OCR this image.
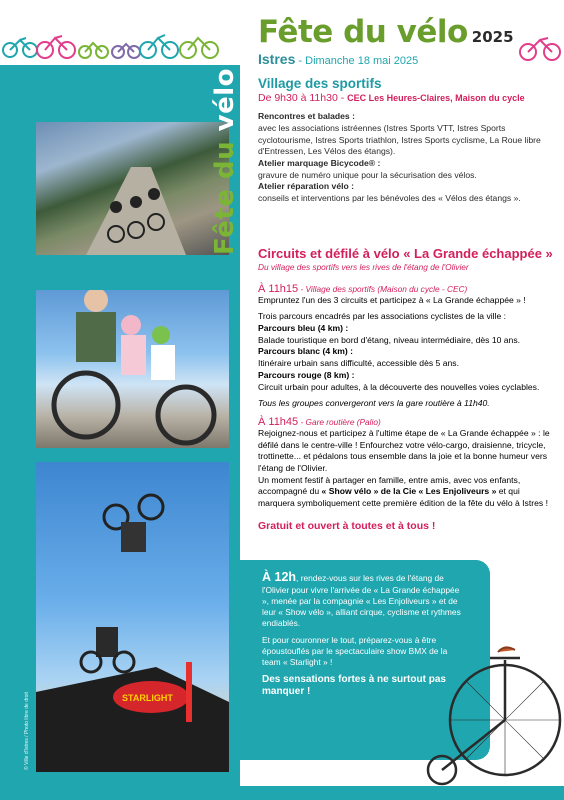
STARLIGHT
© Ville d'Istres / Photo libre de droit
Fête du vélo
Fête du vélo 2025
Istres - Dimanche 18 mai 2025
Village des sportifs
De 9h30 à 11h30 - CEC Les Heures-Claires, Maison du cycle

Rencontres et balades :

avec les associations istréennes (Istres Sports VTT, Istres Sports cyclotourisme, Istres Sports triathlon, Istres Sports cyclisme, La Roue libre d'Entressen, Les Vélos des étangs).

Atelier marquage Bicycode® :

gravure de numéro unique pour la sécurisation des vélos.

Atelier réparation vélo :

conseils et interventions par les bénévoles des « Vélos des étangs ».

Circuits et défilé à vélo « La Grande échappée »
Du village des sportifs vers les rives de l'étang de l'Olivier
À 11h15 - Village des sportifs (Maison du cycle - CEC)

Empruntez l'un des 3 circuits et participez à « La Grande échappée » !

Trois parcours encadrés par les associations cyclistes de la ville :

Parcours bleu (4 km) :

Balade touristique en bord d'étang, niveau intermédiaire, dès 10 ans.

Parcours blanc (4 km) :

Itinéraire urbain sans difficulté, accessible dès 5 ans.

Parcours rouge (8 km) :

Circuit urbain pour adultes, à la découverte des nouvelles voies cyclables.

Tous les groupes convergeront vers la gare routière à 11h40.

À 11h45 - Gare routière (Palio)

Rejoignez-nous et participez à l'ultime étape de « La Grande échappée » : le défilé dans le centre-ville ! Enfourchez votre vélo-cargo, draisienne, tricycle, trottinette... et pédalons tous ensemble dans la joie et la bonne humeur vers l'étang de l'Olivier.

Un moment festif à partager en famille, entre amis, avec vos enfants, accompagné du « Show vélo » de la Cie « Les Enjoliveurs » et qui marquera symboliquement cette première édition de la fête du vélo à Istres !

Gratuit et ouvert à toutes et à tous !

À 12h, rendez-vous sur les rives de l'étang de l'Olivier pour vivre l'arrivée de « La Grande échappée », menée par la compagnie « Les Enjoliveurs » et de leur « Show vélo », alliant cirque, cyclisme et rythmes endiablés.

Et pour couronner le tout, préparez-vous à être époustouflés par le spectaculaire show BMX de la team « Starlight » !

Des sensations fortes à ne surtout pas manquer !
